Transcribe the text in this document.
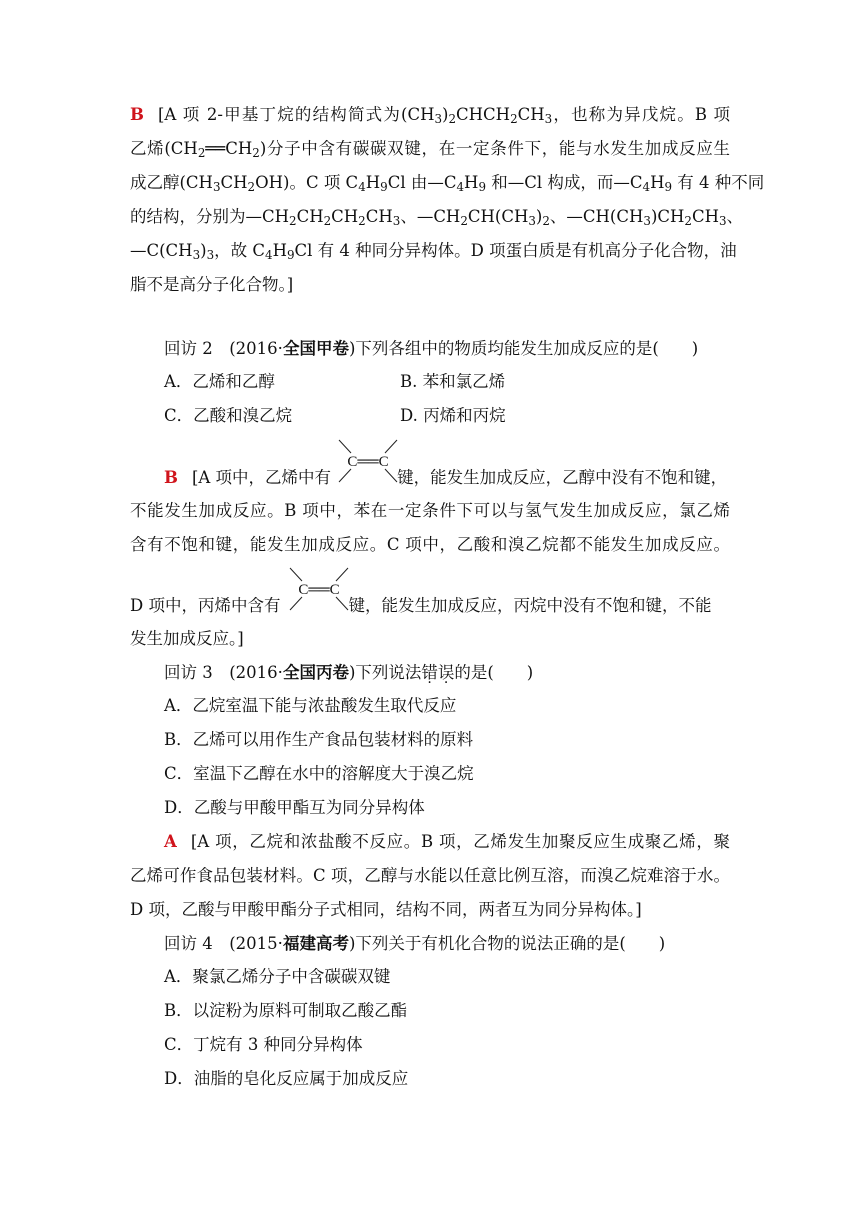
B [A 项 2-甲基丁烷的结构简式为$(CH_3)_2CHCH_2CH_3$，也称为异戊烷。B 项
乙烯$(CH_2══CH_2)$分子中含有碳碳双键，在一定条件下，能与水发生加成反应生
成乙醇$(CH_3CH_2OH)$。C 项 $C_4H_9Cl$ 由$—C_4H_9$ 和—Cl 构成，而$—C_4H_9$ 有 4 种不同
的结构，分别为$—CH_2CH_2CH_2CH_3$、$—CH_2CH(CH_3)_2$、$—CH(CH_3)CH_2CH_3$、
$—C(CH_3)_3$，故 $C_4H_9Cl$ 有 4 种同分异构体。D 项蛋白质是有机高分子化合物，油
脂不是高分子化合物。]
回访 2　 (2016·全国甲卷)下列各组中的物质均能发生加成反应的是(　　)
A．乙烯和乙醇	B. 苯和氯乙烯
C．乙酸和溴乙烷	D. 丙烯和丙烷
B [A 项中，乙烯中有	键，能发生加成反应，乙醇中没有不饱和键，
C══C
不能发生加成反应。B 项中，苯在一定条件下可以与氢气发生加成反应，氯乙烯
含有不饱和键，能发生加成反应。C 项中，乙酸和溴乙烷都不能发生加成反应。
D 项中，丙烯中含有	键，能发生加成反应，丙烷中没有不饱和键，不能
C══C
发生加成反应。]
回访 3　 (2016·全国丙卷)下列说法错误的是(　　)
A．乙烷室温下能与浓盐酸发生取代反应
B．乙烯可以用作生产食品包装材料的原料
C．室温下乙醇在水中的溶解度大于溴乙烷
D．乙酸与甲酸甲酯互为同分异构体
A [A 项，乙烷和浓盐酸不反应。B 项，乙烯发生加聚反应生成聚乙烯，聚
乙烯可作食品包装材料。C 项，乙醇与水能以任意比例互溶，而溴乙烷难溶于水。
D 项，乙酸与甲酸甲酯分子式相同，结构不同，两者互为同分异构体。]
回访 4　 (2015·福建高考)下列关于有机化合物的说法正确的是(　　)
A．聚氯乙烯分子中含碳碳双键
B．以淀粉为原料可制取乙酸乙酯
C．丁烷有 3 种同分异构体
D．油脂的皂化反应属于加成反应
